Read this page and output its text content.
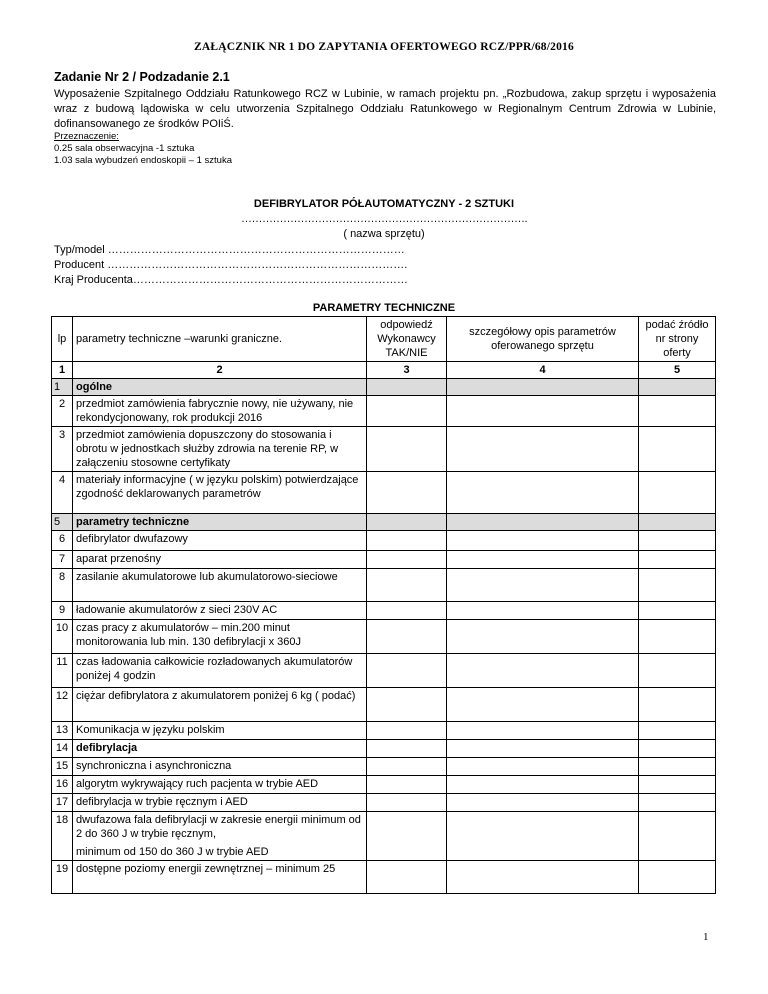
ZAŁĄCZNIK NR 1 DO ZAPYTANIA OFERTOWEGO RCZ/PPR/68/2016
Zadanie Nr 2 / Podzadanie 2.1
Wyposażenie Szpitalnego Oddziału Ratunkowego RCZ w Lubinie, w ramach projektu pn. „Rozbudowa, zakup sprzętu i wyposażenia wraz z budową lądowiska w celu utworzenia Szpitalnego Oddziału Ratunkowego w Regionalnym Centrum Zdrowia w Lubinie, dofinansowanego ze środków POIiŚ.
Przeznaczenie:
0.25 sala obserwacyjna -1 sztuka
1.03 sala wybudzeń endoskopii – 1 sztuka
DEFIBRYLATOR PÓŁAUTOMATYCZNY - 2 SZTUKI
……………………………………………………………………….
( nazwa sprzętu)
Typ/model ………………………………………………………………………
Producent ……………………………………………………………………….
Kraj Producenta…………………………………………………………………
PARAMETRY TECHNICZNE
lp	parametry techniczne –warunki graniczne.	odpowiedź Wykonawcy TAK/NIE	szczegółowy opis parametrów oferowanego sprzętu	podać źródło nr strony oferty
1	2	3	4	5
1	ogólne			

2	przedmiot zamówienia fabrycznie nowy, nie używany, nie rekondycjonowany, rok produkcji 2016			

3	przedmiot zamówienia dopuszczony do stosowania i obrotu w jednostkach służby zdrowia na terenie RP, w załączeniu stosowne certyfikaty			

4	materiały informacyjne ( w języku polskim) potwierdzające zgodność deklarowanych parametrów			

5	parametry techniczne			

6	defibrylator dwufazowy			

7	aparat przenośny			

8	zasilanie akumulatorowe lub akumulatorowo-sieciowe			

9	ładowanie akumulatorów z sieci 230V AC			

10	czas pracy z akumulatorów – min.200 minut monitorowania lub min. 130 defibrylacji x 360J			

11	czas ładowania całkowicie rozładowanych akumulatorów poniżej 4 godzin			

12	ciężar defibrylatora z akumulatorem poniżej 6 kg ( podać)			

13	Komunikacja w języku polskim			

14	defibrylacja			

15	synchroniczna i asynchroniczna			

16	algorytm wykrywający ruch pacjenta w trybie AED			

17	defibrylacja w trybie ręcznym i AED			

18	dwufazowa fala defibrylacji w zakresie energii minimum od 2 do 360 J w trybie ręcznym,
minimum od 150 do 360 J w trybie AED			

19	dostępne poziomy energii zewnętrznej – minimum 25			

1
